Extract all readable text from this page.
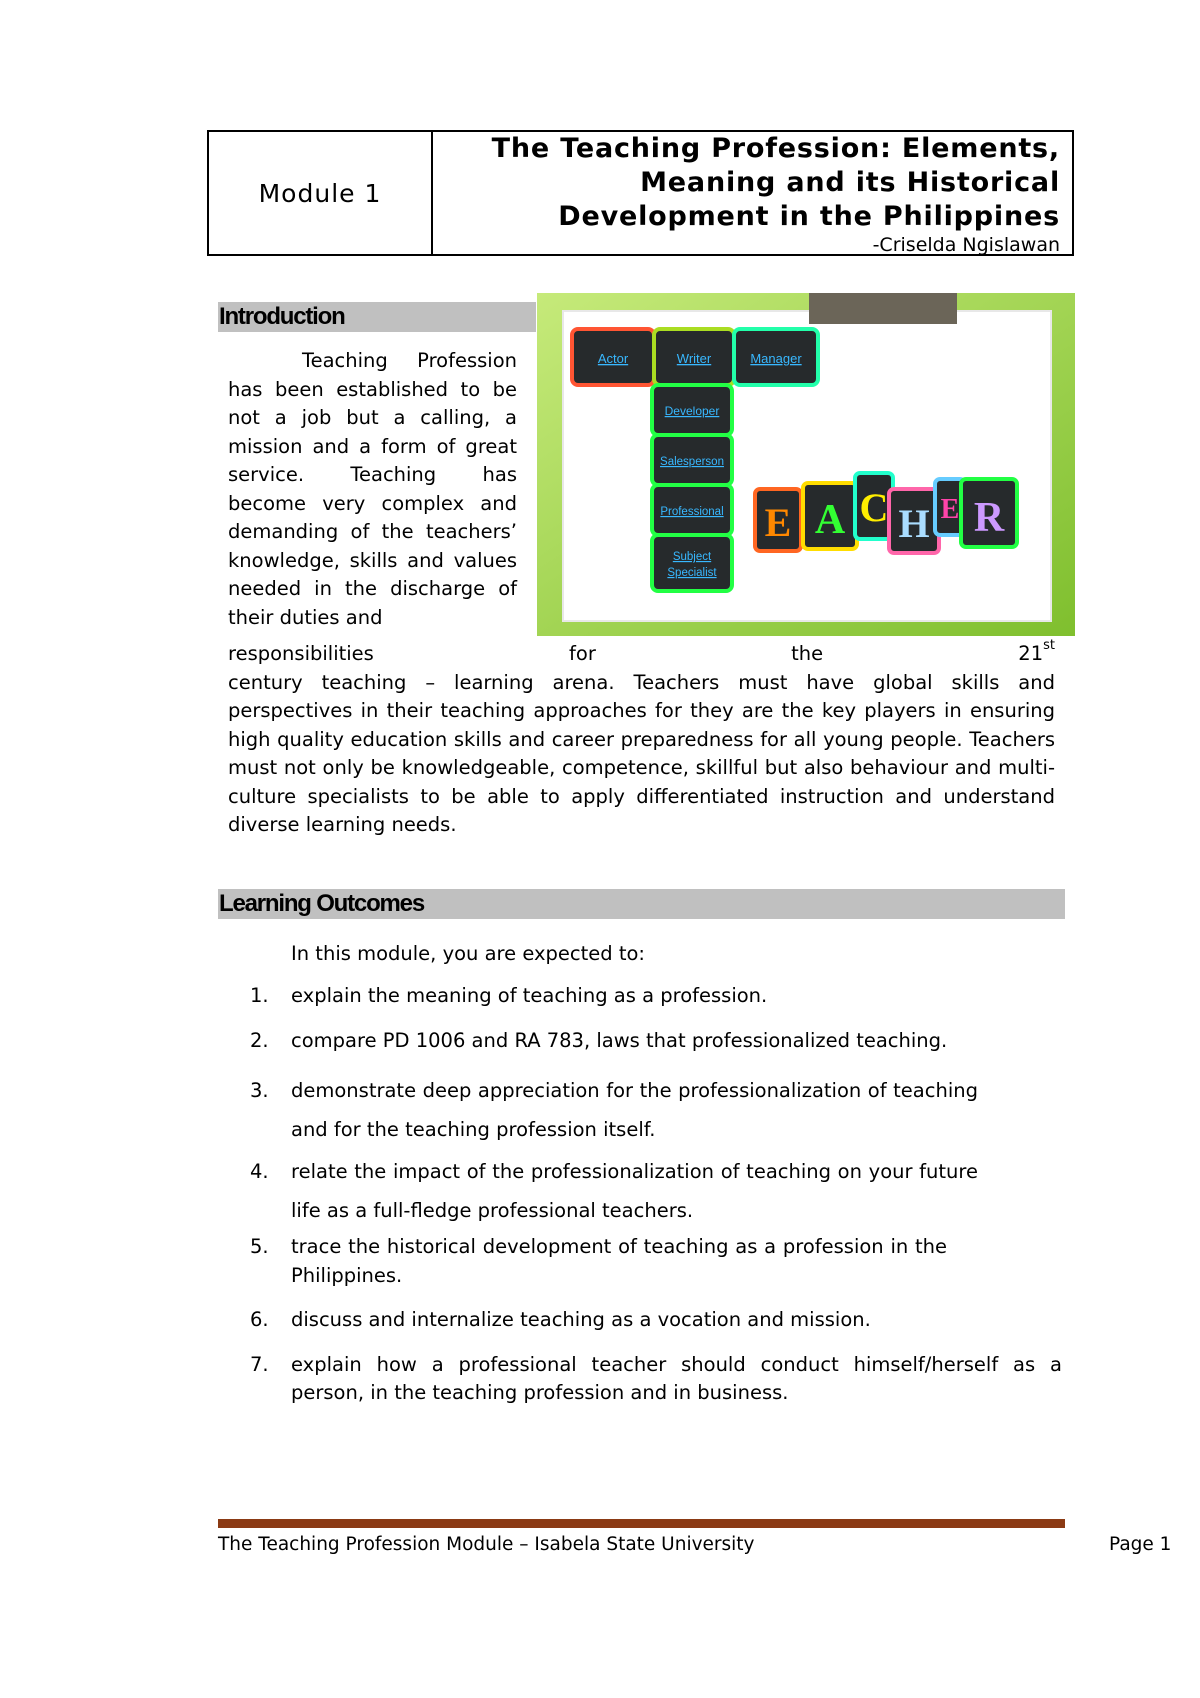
Module 1
The Teaching Profession: Elements,
Meaning and its Historical
Development in the Philippines
-Criselda Ngislawan
Introduction

Teaching Profession has been established to be not a job but a calling, a mission and a form of great service. Teaching has become very complex and demanding of the teachers’ knowledge, skills and values needed in the discharge of their duties and

Actor	Writer	Manager
Developer
Salesperson
Professional
Subject
Specialist
E A C H E R

responsibilities for the 21st

century teaching – learning arena. Teachers must have global skills and perspectives in their teaching approaches for they are the key players in ensuring high quality education skills and career preparedness for all young people. Teachers must not only be knowledgeable, competence, skillful but also behaviour and multi-culture specialists to be able to apply differentiated instruction and understand diverse learning needs.

Learning Outcomes
In this module, you are expected to:
1. explain the meaning of teaching as a profession.
2. compare PD 1006 and RA 783, laws that professionalized teaching.
3. demonstrate deep appreciation for the professionalization of teaching and for the teaching profession itself.
4. relate the impact of the professionalization of teaching on your future life as a full-fledge professional teachers.
5. trace the historical development of teaching as a profession in the Philippines.
6. discuss and internalize teaching as a vocation and mission.
7. explain how a professional teacher should conduct himself/herself as a person, in the teaching profession and in business.
The Teaching Profession Module – Isabela State University	Page 1
